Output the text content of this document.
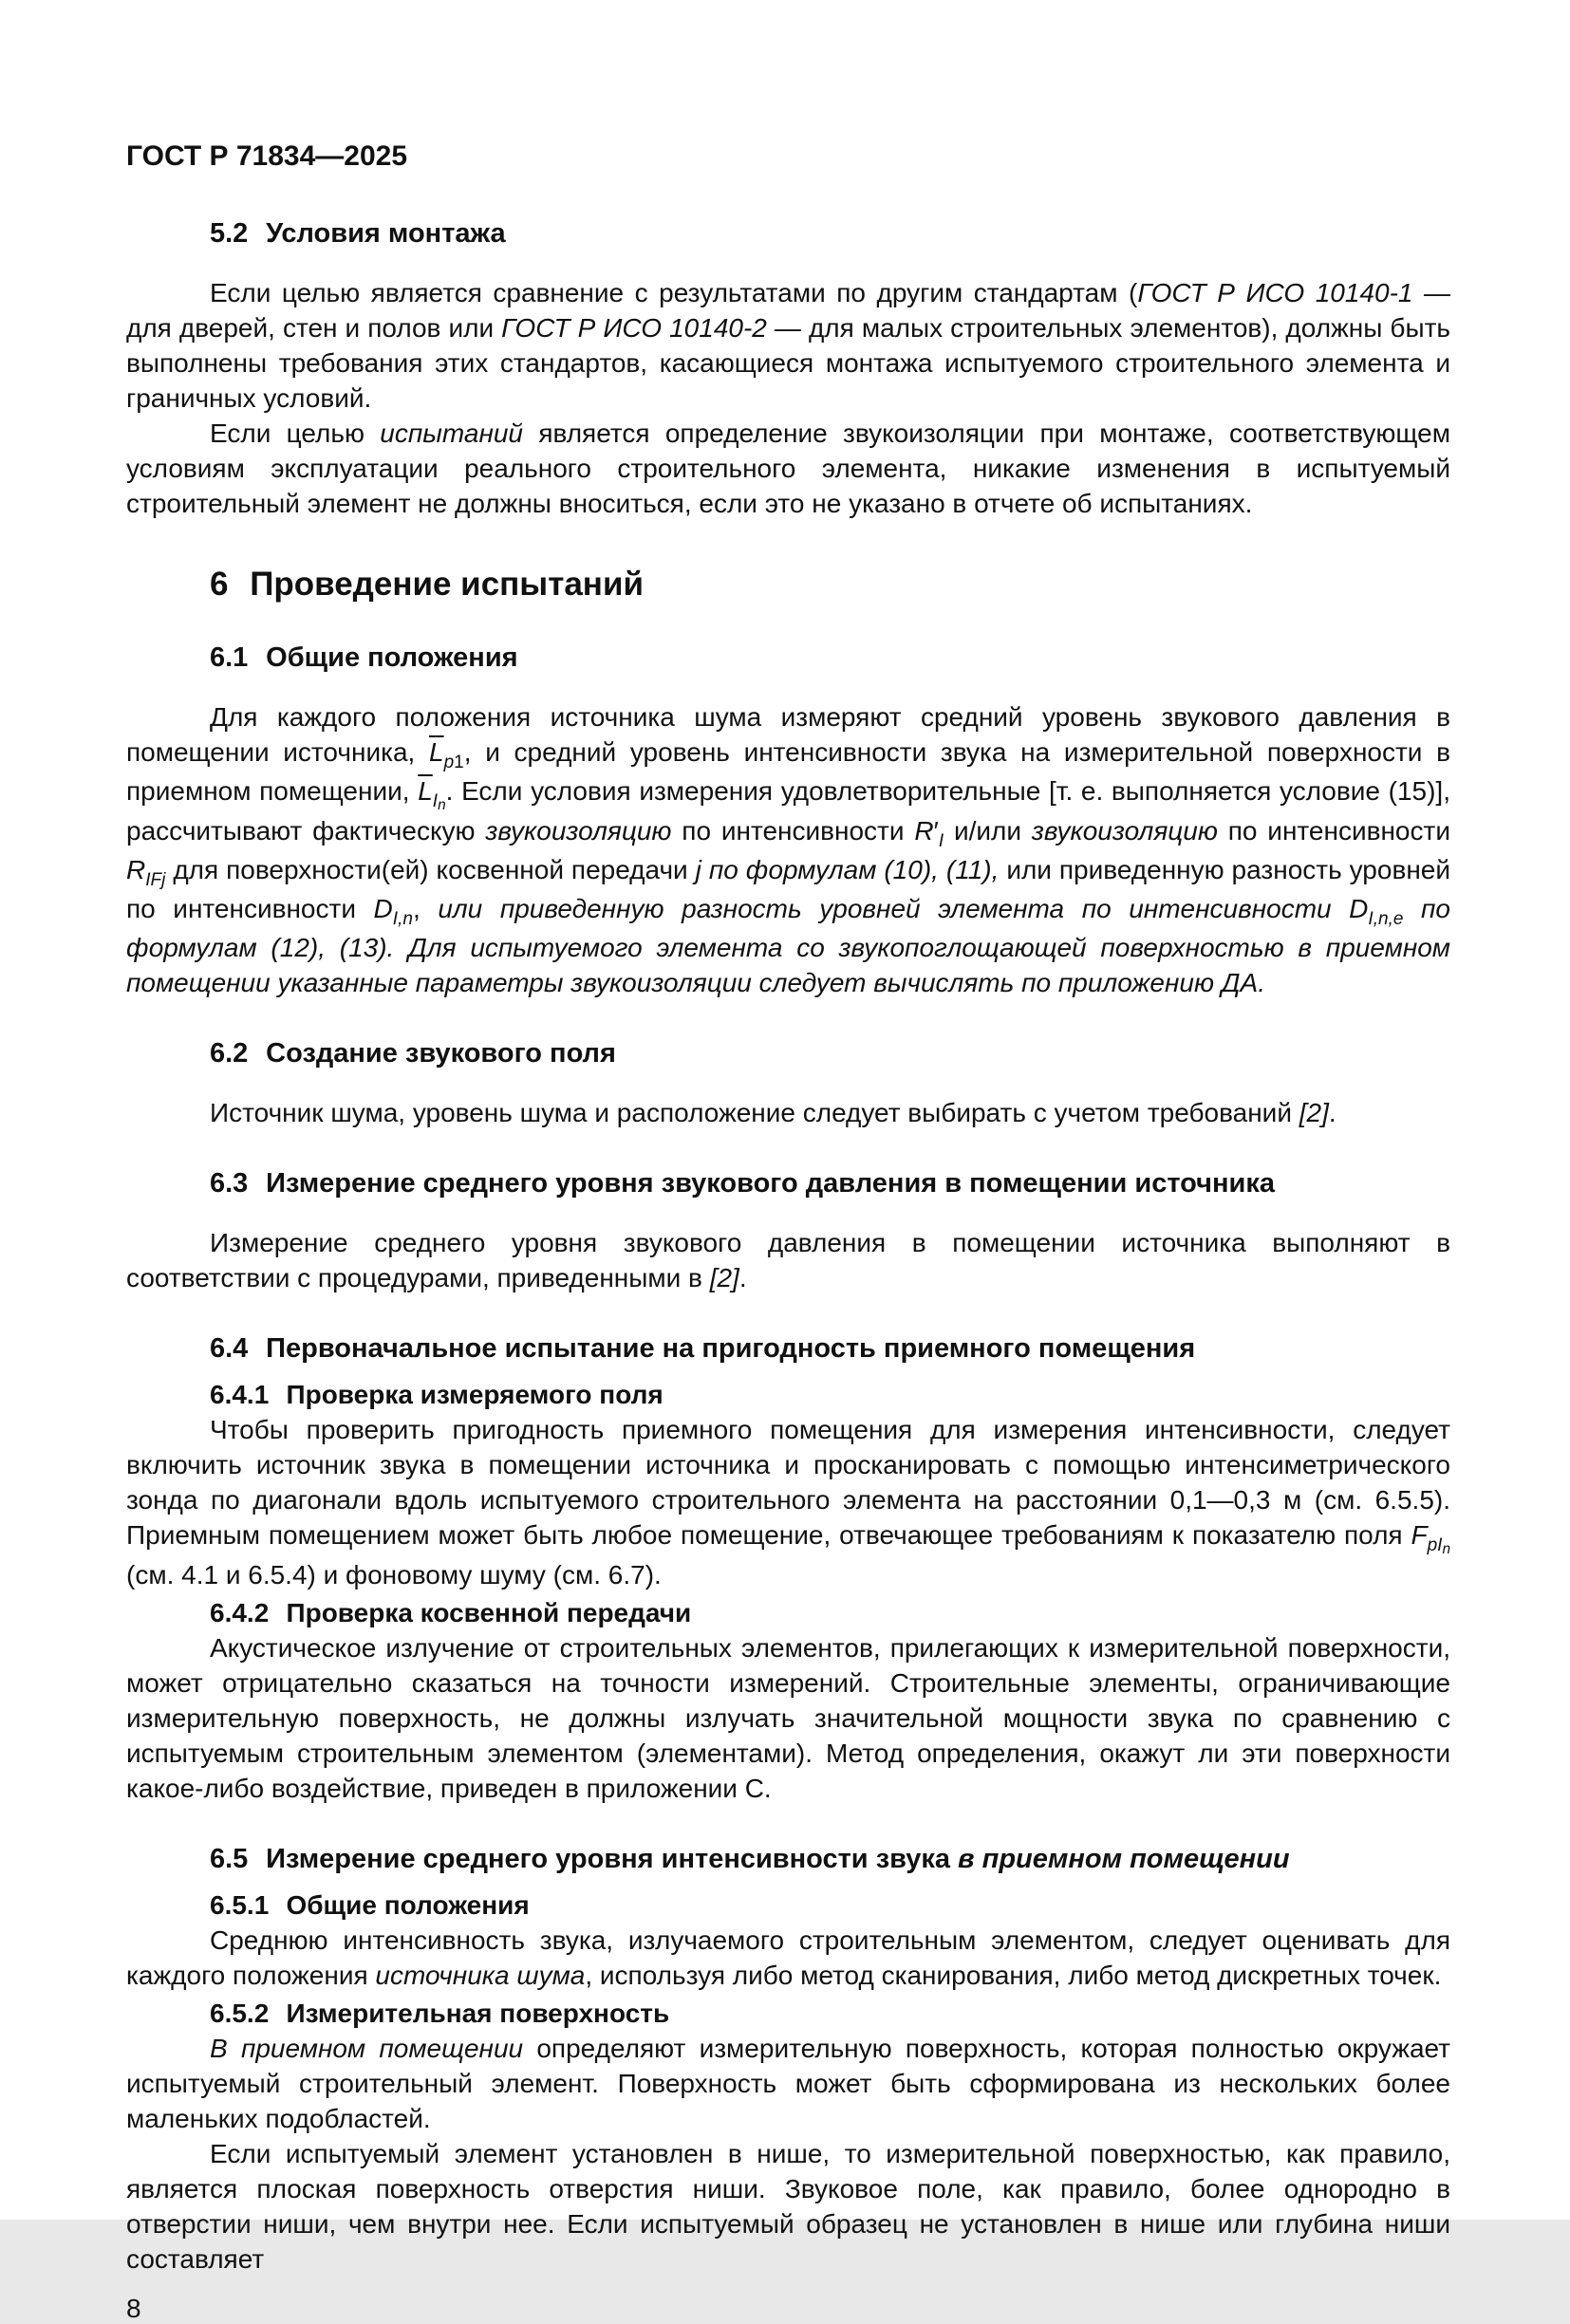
ГОСТ Р 71834—2025
5.2 Условия монтажа

Если целью является сравнение с результатами по другим стандартам (ГОСТ Р ИСО 10140-1 — для дверей, стен и полов или ГОСТ Р ИСО 10140-2 — для малых строительных элементов), должны быть выполнены требования этих стандартов, касающиеся монтажа испытуемого строительного элемента и граничных условий.

Если целью испытаний является определение звукоизоляции при монтаже, соответствующем условиям эксплуатации реального строительного элемента, никакие изменения в испытуемый строительный элемент не должны вноситься, если это не указано в отчете об испытаниях.

6 Проведение испытаний
6.1 Общие положения

Для каждого положения источника шума измеряют средний уровень звукового давления в помещении источника, $\overline{L}_{p1}$, и средний уровень интенсивности звука на измерительной поверхности в приемном помещении, $\overline{L}_{In}$. Если условия измерения удовлетворительные [т. е. выполняется условие (15)], рассчитывают фактическую звукоизоляцию по интенсивности $R'_I$ и/или звукоизоляцию по интенсивности $R_{IFj}$ для поверхности(ей) косвенной передачи j по формулам (10), (11), или приведенную разность уровней по интенсивности $D_{I,n}$, или приведенную разность уровней элемента по интенсивности $D_{I,n,e}$ по формулам (12), (13). Для испытуемого элемента со звукопоглощающей поверхностью в приемном помещении указанные параметры звукоизоляции следует вычислять по приложению ДА.

6.2 Создание звукового поля

Источник шума, уровень шума и расположение следует выбирать с учетом требований [2].

6.3 Измерение среднего уровня звукового давления в помещении источника

Измерение среднего уровня звукового давления в помещении источника выполняют в соответствии с процедурами, приведенными в [2].

6.4 Первоначальное испытание на пригодность приемного помещения
6.4.1 Проверка измеряемого поля

Чтобы проверить пригодность приемного помещения для измерения интенсивности, следует включить источник звука в помещении источника и просканировать с помощью интенсиметрического зонда по диагонали вдоль испытуемого строительного элемента на расстоянии 0,1—0,3 м (см. 6.5.5). Приемным помещением может быть любое помещение, отвечающее требованиям к показателю поля $F_{pIn}$ (см. 4.1 и 6.5.4) и фоновому шуму (см. 6.7).

6.4.2 Проверка косвенной передачи

Акустическое излучение от строительных элементов, прилегающих к измерительной поверхности, может отрицательно сказаться на точности измерений. Строительные элементы, ограничивающие измерительную поверхность, не должны излучать значительной мощности звука по сравнению с испытуемым строительным элементом (элементами). Метод определения, окажут ли эти поверхности какое-либо воздействие, приведен в приложении C.

6.5 Измерение среднего уровня интенсивности звука в приемном помещении
6.5.1 Общие положения

Среднюю интенсивность звука, излучаемого строительным элементом, следует оценивать для каждого положения источника шума, используя либо метод сканирования, либо метод дискретных точек.

6.5.2 Измерительная поверхность

В приемном помещении определяют измерительную поверхность, которая полностью окружает испытуемый строительный элемент. Поверхность может быть сформирована из нескольких более маленьких подобластей.

Если испытуемый элемент установлен в нише, то измерительной поверхностью, как правило, является плоская поверхность отверстия ниши. Звуковое поле, как правило, более однородно в отверстии ниши, чем внутри нее. Если испытуемый образец не установлен в нише или глубина ниши составляет

8
